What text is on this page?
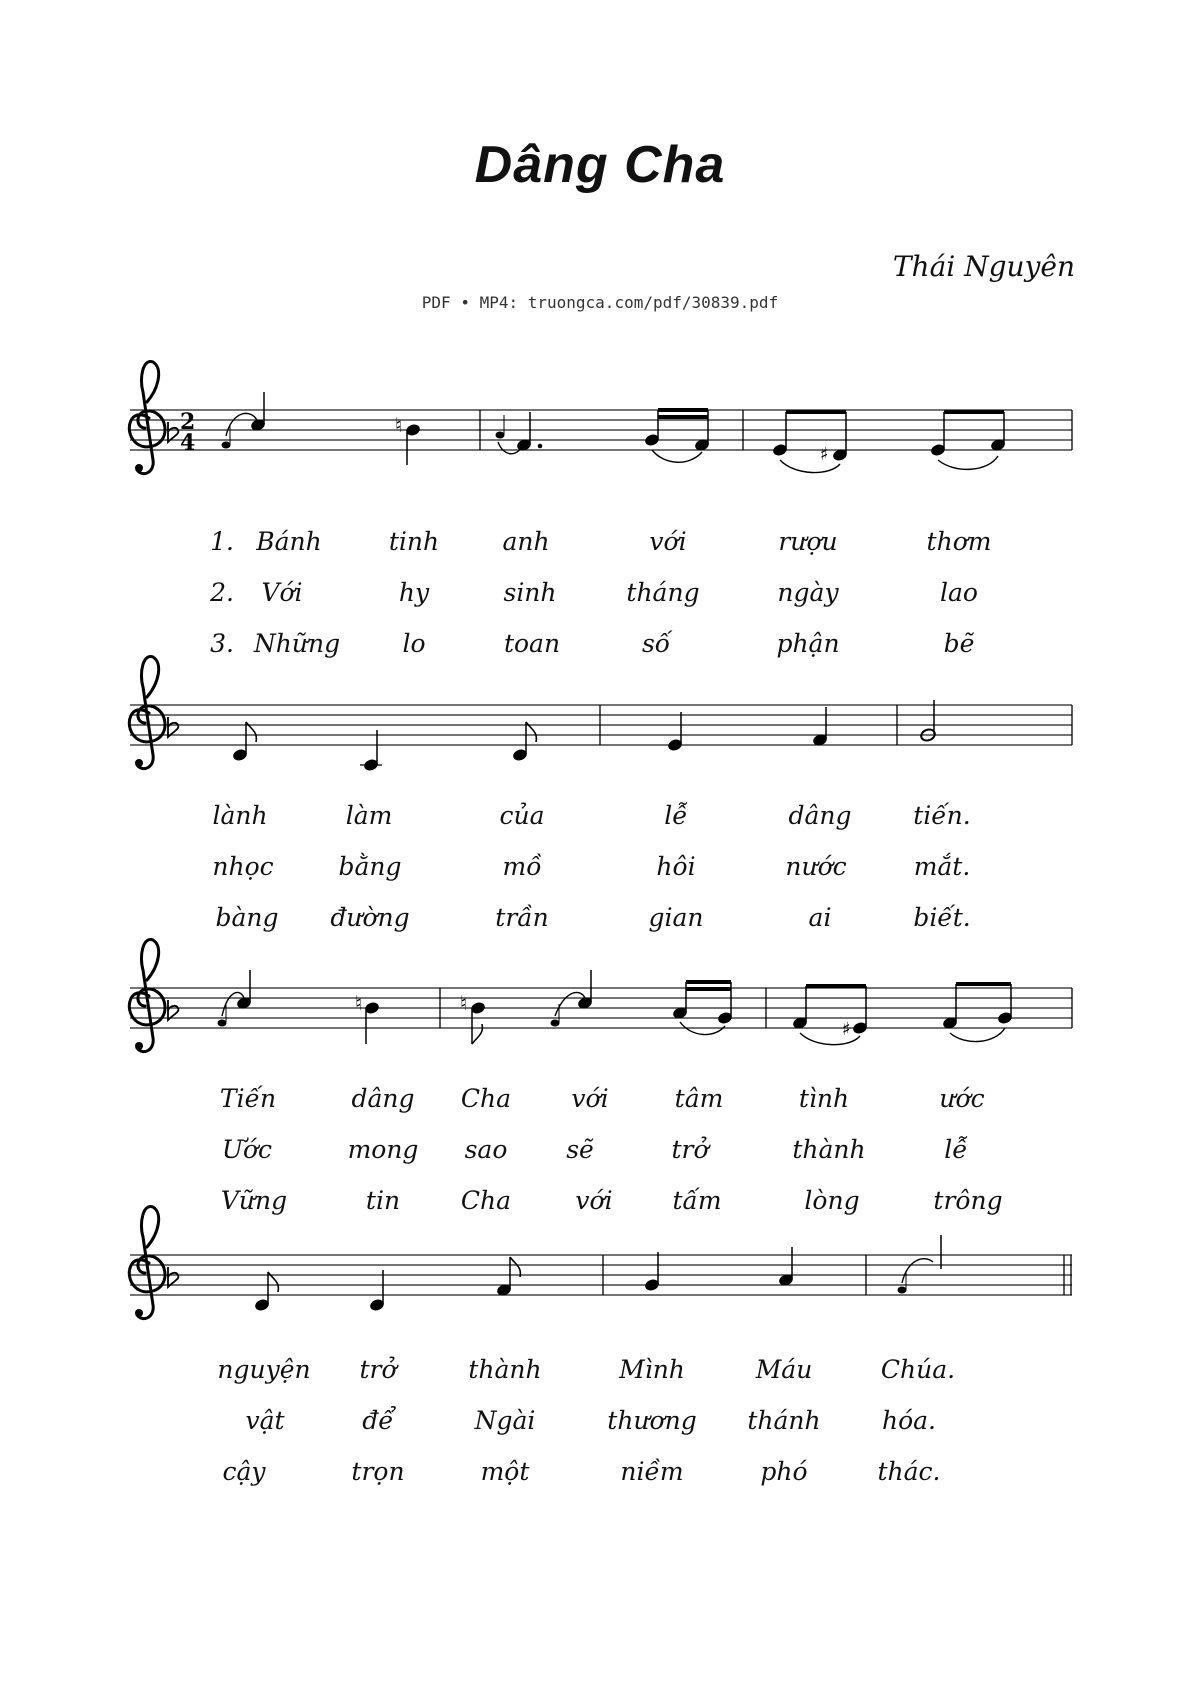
Dâng Cha
Thái Nguyên
PDF • MP4: truongca.com/pdf/30839.pdf
2
4
♮
♯
♮	♮
♯
1. Bánh	tinh	anh	với	rượu	thơm
2. Với	hy	sinh	tháng	ngày	lao
3. Những lo	toan	số	phận	bẽ
lành	làm	của	lễ	dâng tiến.
nhọc	bằng	mồ	hôi	nước	mắt.
bàng đường	trần	gian	ai	biết.
Tiến	dâng Cha với	tâm	tình	ước
Ước	mong sao sẽ	trở	thành	lễ
Vững	tin Cha	với tấm	lòng	trông
nguyện trở	thành	Mình	Máu	Chúa.
vật	để	Ngài	thương thánh hóa.
cậy	trọn	một	niềm	phó	thác.
